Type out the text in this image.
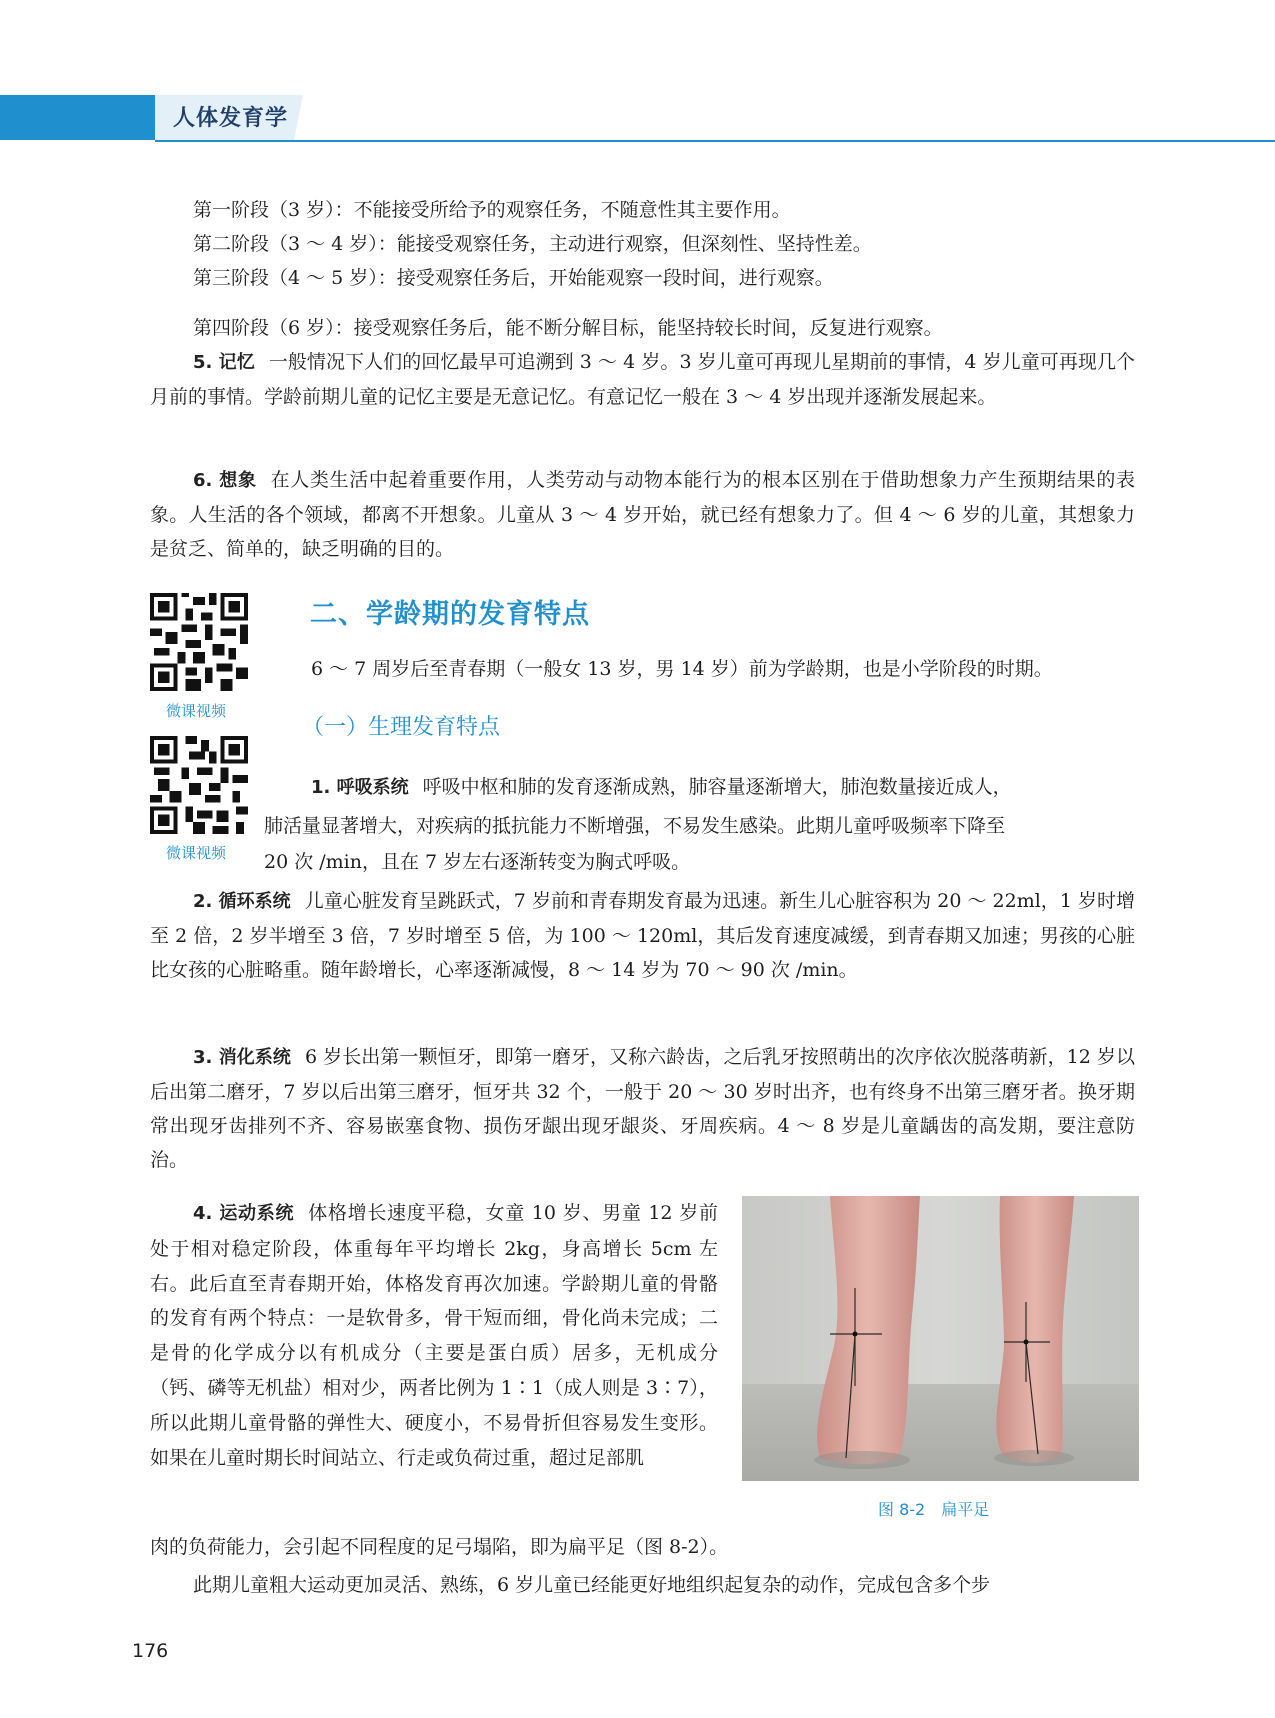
人体发育学

第一阶段（3 岁）：不能接受所给予的观察任务，不随意性其主要作用。

第二阶段（3 ～ 4 岁）：能接受观察任务，主动进行观察，但深刻性、坚持性差。

第三阶段（4 ～ 5 岁）：接受观察任务后，开始能观察一段时间，进行观察。

第四阶段（6 岁）：接受观察任务后，能不断分解目标，能坚持较长时间，反复进行观察。

5. 记忆 一般情况下人们的回忆最早可追溯到 3 ～ 4 岁。3 岁儿童可再现儿星期前的事情，4 岁儿童可再现几个月前的事情。学龄前期儿童的记忆主要是无意记忆。有意记忆一般在 3 ～ 4 岁出现并逐渐发展起来。

6. 想象 在人类生活中起着重要作用，人类劳动与动物本能行为的根本区别在于借助想象力产生预期结果的表象。人生活的各个领域，都离不开想象。儿童从 3 ～ 4 岁开始，就已经有想象力了。但 4 ～ 6 岁的儿童，其想象力是贫乏、简单的，缺乏明确的目的。

微课视频
微课视频
二、学龄期的发育特点

6 ～ 7 周岁后至青春期（一般女 13 岁，男 14 岁）前为学龄期，也是小学阶段的时期。

（一）生理发育特点

1. 呼吸系统 呼吸中枢和肺的发育逐渐成熟，肺容量逐渐增大，肺泡数量接近成人，

肺活量显著增大，对疾病的抵抗能力不断增强，不易发生感染。此期儿童呼吸频率下降至

20 次 /min，且在 7 岁左右逐渐转变为胸式呼吸。

2. 循环系统 儿童心脏发育呈跳跃式，7 岁前和青春期发育最为迅速。新生儿心脏容积为 20 ～ 22ml，1 岁时增至 2 倍，2 岁半增至 3 倍，7 岁时增至 5 倍，为 100 ～ 120ml，其后发育速度减缓，到青春期又加速；男孩的心脏比女孩的心脏略重。随年龄增长，心率逐渐减慢，8 ～ 14 岁为 70 ～ 90 次 /min。

3. 消化系统 6 岁长出第一颗恒牙，即第一磨牙，又称六龄齿，之后乳牙按照萌出的次序依次脱落萌新，12 岁以后出第二磨牙，7 岁以后出第三磨牙，恒牙共 32 个，一般于 20 ～ 30 岁时出齐，也有终身不出第三磨牙者。换牙期常出现牙齿排列不齐、容易嵌塞食物、损伤牙龈出现牙龈炎、牙周疾病。4 ～ 8 岁是儿童龋齿的高发期，要注意防治。

4. 运动系统 体格增长速度平稳，女童 10 岁、男童 12 岁前处于相对稳定阶段，体重每年平均增长 2kg，身高增长 5cm 左右。此后直至青春期开始，体格发育再次加速。学龄期儿童的骨骼的发育有两个特点：一是软骨多，骨干短而细，骨化尚未完成；二是骨的化学成分以有机成分（主要是蛋白质）居多，无机成分（钙、磷等无机盐）相对少，两者比例为 1∶1（成人则是 3∶7），所以此期儿童骨骼的弹性大、硬度小，不易骨折但容易发生变形。如果在儿童时期长时间站立、行走或负荷过重，超过足部肌

肉的负荷能力，会引起不同程度的足弓塌陷，即为扁平足（图 8-2）。

图 8-2　扁平足

此期儿童粗大运动更加灵活、熟练，6 岁儿童已经能更好地组织起复杂的动作，完成包含多个步

176
